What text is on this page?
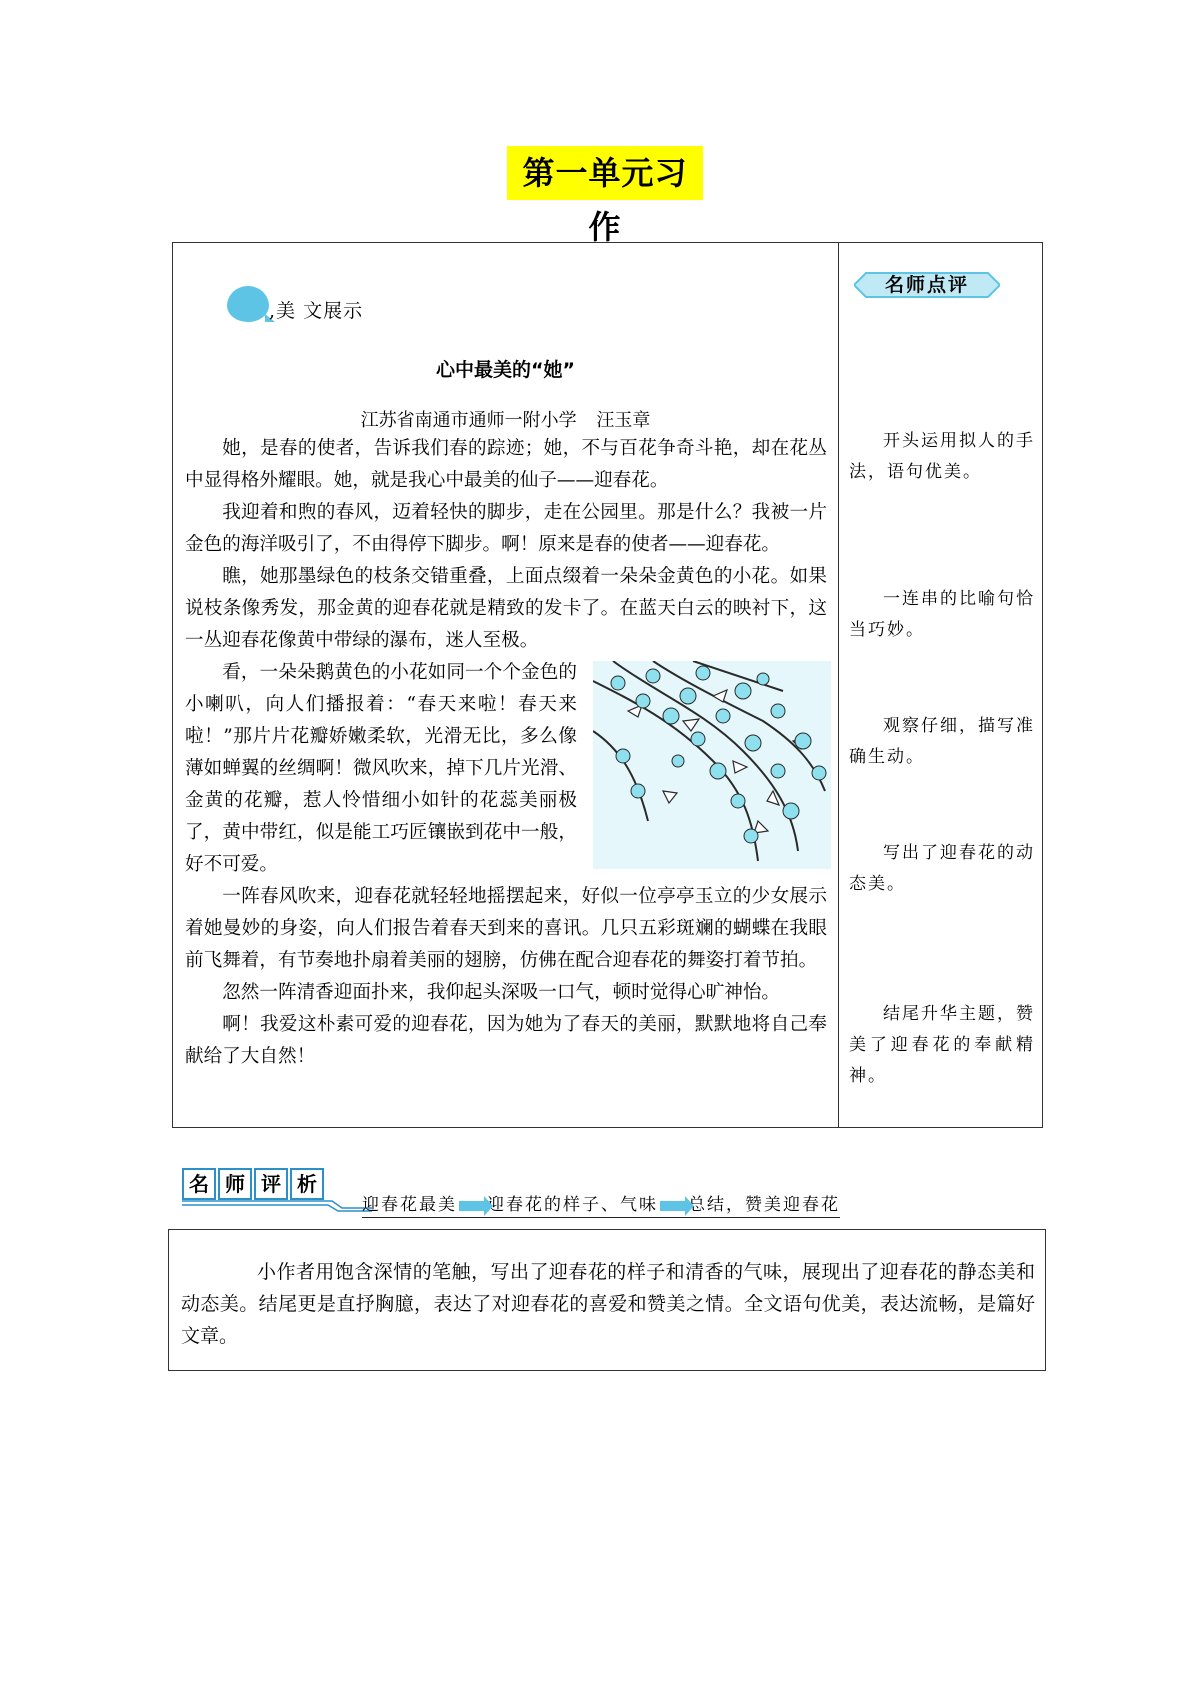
第一单元习作
,美 文展示
心中最美的“她”
江苏省南通市通师一附小学 汪玉章

她，是春的使者，告诉我们春的踪迹；她，不与百花争奇斗艳，却在花丛中显得格外耀眼。她，就是我心中最美的仙子——迎春花。

我迎着和煦的春风，迈着轻快的脚步，走在公园里。那是什么？我被一片金色的海洋吸引了，不由得停下脚步。啊！原来是春的使者——迎春花。

瞧，她那墨绿色的枝条交错重叠，上面点缀着一朵朵金黄色的小花。如果说枝条像秀发，那金黄的迎春花就是精致的发卡了。在蓝天白云的映衬下，这一丛迎春花像黄中带绿的瀑布，迷人至极。

看，一朵朵鹅黄色的小花如同一个个金色的小喇叭，向人们播报着：“春天来啦！春天来啦！”那片片花瓣娇嫩柔软，光滑无比，多么像薄如蝉翼的丝绸啊！微风吹来，掉下几片光滑、金黄的花瓣，惹人怜惜细小如针的花蕊美丽极了，黄中带红，似是能工巧匠镶嵌到花中一般，好不可爱。

一阵春风吹来，迎春花就轻轻地摇摆起来，好似一位亭亭玉立的少女展示着她曼妙的身姿，向人们报告着春天到来的喜讯。几只五彩斑斓的蝴蝶在我眼前飞舞着，有节奏地扑扇着美丽的翅膀，仿佛在配合迎春花的舞姿打着节拍。

忽然一阵清香迎面扑来，我仰起头深吸一口气，顿时觉得心旷神怡。

啊！我爱这朴素可爱的迎春花，因为她为了春天的美丽，默默地将自己奉献给了大自然！

名师点评

开头运用拟人的手法，语句优美。

一连串的比喻句恰当巧妙。

观察仔细，描写准确生动。

写出了迎春花的动态美。

结尾升华主题，赞美了迎春花的奉献精神。

名 师 评 析
迎春花最美 迎春花的样子、气味 总结，赞美迎春花

小作者用饱含深情的笔触，写出了迎春花的样子和清香的气味，展现出了迎春花的静态美和动态美。结尾更是直抒胸臆，表达了对迎春花的喜爱和赞美之情。全文语句优美，表达流畅，是篇好文章。
